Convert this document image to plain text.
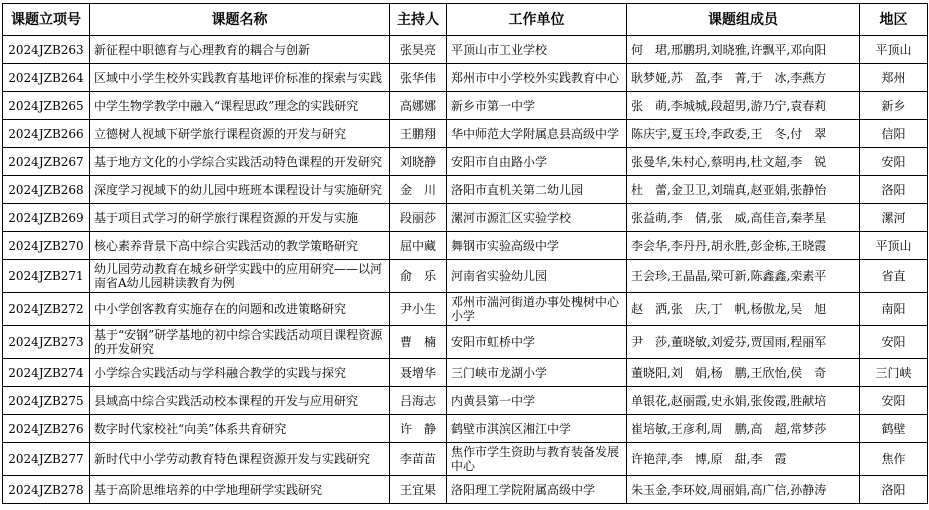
课题立项号	课题名称	主持人	工作单位	课题组成员	地区
2024JZB263	新征程中职德育与心理教育的耦合与创新	张昊亮	平顶山市工业学校	何　珺,邢鹏玥,刘晓雅,许飘平,邓向阳	平顶山
2024JZB264	区域中小学生校外实践教育基地评价标准的探索与实践	张华伟	郑州市中小学校外实践教育中心	耿梦娅,苏　盈,李　菁,于　冰,李燕方	郑州
2024JZB265	中学生物学教学中融入“课程思政”理念的实践研究	高娜娜	新乡市第一中学	张　萌,李城城,段超男,游乃宁,袁春莉	新乡
2024JZB266	立德树人视域下研学旅行课程资源的开发与研究	王鹏翔	华中师范大学附属息县高级中学	陈庆宇,夏玉玲,李政委,王　冬,付　翠	信阳
2024JZB267	基于地方文化的小学综合实践活动特色课程的开发研究	刘晓静	安阳市自由路小学	张曼华,朱村心,蔡明冉,杜文超,李　锐	安阳
2024JZB268	深度学习视域下的幼儿园中班班本课程设计与实施研究	金　川	洛阳市直机关第二幼儿园	杜　蕾,金卫卫,刘瑞真,赵亚娟,张静怡	洛阳
2024JZB269	基于项目式学习的研学旅行课程资源的开发与实施	段丽莎	漯河市源汇区实验学校	张益萌,李　倩,张　威,高佳音,秦孝星	漯河
2024JZB270	核心素养背景下高中综合实践活动的教学策略研究	屈中藏	舞钢市实验高级中学	李会华,李丹丹,胡永胜,彭金栋,王晓霞	平顶山
2024JZB271	幼儿园劳动教育在城乡研学实践中的应用研究——以河南省A幼儿园耕读教育为例	俞　乐	河南省实验幼儿园	王会珍,王晶晶,梁可新,陈鑫鑫,栾素平	省直
2024JZB272	中小学创客教育实施存在的问题和改进策略研究	尹小生	邓州市湍河街道办事处槐树中心小学	赵　洒,张　庆,丁　帆,杨傲龙,吴　旭	南阳
2024JZB273	基于“安钢”研学基地的初中综合实践活动项目课程资源的开发研究	曹　楠	安阳市虹桥中学	尹　莎,董晓敏,刘爱芬,贾国雨,程丽军	安阳
2024JZB274	小学综合实践活动与学科融合教学的实践与探究	聂增华	三门峡市龙湖小学	董晓阳,刘　娟,杨　鹏,王欣怡,侯　奇	三门峡
2024JZB275	县域高中综合实践活动校本课程的开发与应用研究	吕海志	内黄县第一中学	单银花,赵丽霞,史永娟,张俊霞,胜献培	安阳
2024JZB276	数字时代家校社“向美”体系共育研究	许　静	鹤壁市淇滨区湘江中学	崔培敏,王彦利,周　鹏,高　超,常梦莎	鹤壁
2024JZB277	新时代中小学劳动教育特色课程资源开发与实践研究	李苗苗	焦作市学生资助与教育装备发展中心	许艳萍,李　博,原　甜,李　霞	焦作
2024JZB278	基于高阶思维培养的中学地理研学实践研究	王宜果	洛阳理工学院附属高级中学	朱玉金,李环姣,周丽娟,高广信,孙静涛	洛阳
